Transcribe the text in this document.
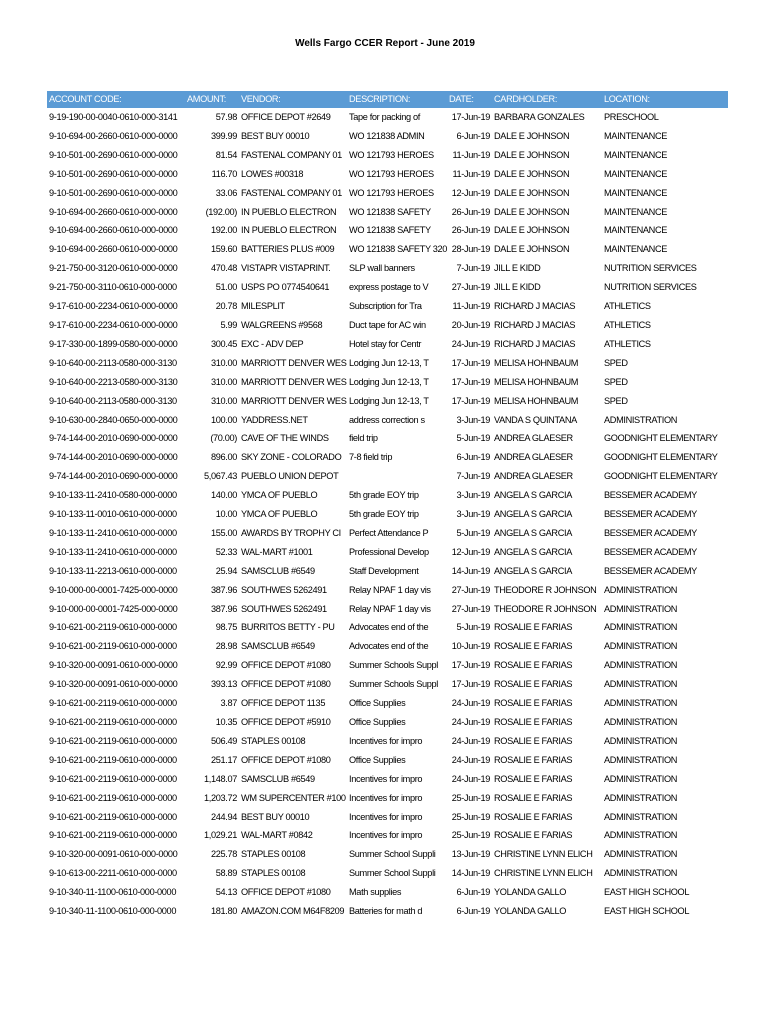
Wells Fargo CCER Report - June 2019
ACCOUNT CODE:	AMOUNT:	VENDOR:	DESCRIPTION:	DATE:	CARDHOLDER:	LOCATION:
9-19-190-00-0040-0610-000-3141	57.98	OFFICE DEPOT #2649	Tape for packing of	17-Jun-19	BARBARA GONZALES	PRESCHOOL
9-10-694-00-2660-0610-000-0000	399.99	BEST BUY 00010	WO 121838 ADMIN	6-Jun-19	DALE E JOHNSON	MAINTENANCE
9-10-501-00-2690-0610-000-0000	81.54	FASTENAL COMPANY 01	WO 121793 HEROES	11-Jun-19	DALE E JOHNSON	MAINTENANCE
9-10-501-00-2690-0610-000-0000	116.70	LOWES #00318	WO 121793 HEROES	11-Jun-19	DALE E JOHNSON	MAINTENANCE
9-10-501-00-2690-0610-000-0000	33.06	FASTENAL COMPANY 01	WO 121793 HEROES	12-Jun-19	DALE E JOHNSON	MAINTENANCE
9-10-694-00-2660-0610-000-0000	(192.00)	IN PUEBLO ELECTRON	WO 121838 SAFETY	26-Jun-19	DALE E JOHNSON	MAINTENANCE
9-10-694-00-2660-0610-000-0000	192.00	IN PUEBLO ELECTRON	WO 121838 SAFETY	26-Jun-19	DALE E JOHNSON	MAINTENANCE
9-10-694-00-2660-0610-000-0000	159.60	BATTERIES PLUS #009	WO 121838 SAFETY 320	28-Jun-19	DALE E JOHNSON	MAINTENANCE
9-21-750-00-3120-0610-000-0000	470.48	VISTAPR VISTAPRINT.	SLP wall banners	7-Jun-19	JILL E KIDD	NUTRITION SERVICES
9-21-750-00-3110-0610-000-0000	51.00	USPS PO 0774540641	express postage to V	27-Jun-19	JILL E KIDD	NUTRITION SERVICES
9-17-610-00-2234-0610-000-0000	20.78	MILESPLIT	Subscription for Tra	11-Jun-19	RICHARD J MACIAS	ATHLETICS
9-17-610-00-2234-0610-000-0000	5.99	WALGREENS #9568	Duct tape for AC win	20-Jun-19	RICHARD J MACIAS	ATHLETICS
9-17-330-00-1899-0580-000-0000	300.45	EXC - ADV DEP	Hotel stay for Centr	24-Jun-19	RICHARD J MACIAS	ATHLETICS
9-10-640-00-2113-0580-000-3130	310.00	MARRIOTT DENVER WES	Lodging Jun 12-13, T	17-Jun-19	MELISA HOHNBAUM	SPED
9-10-640-00-2213-0580-000-3130	310.00	MARRIOTT DENVER WES	Lodging Jun 12-13, T	17-Jun-19	MELISA HOHNBAUM	SPED
9-10-640-00-2113-0580-000-3130	310.00	MARRIOTT DENVER WES	Lodging Jun 12-13, T	17-Jun-19	MELISA HOHNBAUM	SPED
9-10-630-00-2840-0650-000-0000	100.00	YADDRESS.NET	address correction s	3-Jun-19	VANDA S QUINTANA	ADMINISTRATION
9-74-144-00-2010-0690-000-0000	(70.00)	CAVE OF THE WINDS	field trip	5-Jun-19	ANDREA GLAESER	GOODNIGHT ELEMENTARY
9-74-144-00-2010-0690-000-0000	896.00	SKY ZONE - COLORADO	7-8 field trip	6-Jun-19	ANDREA GLAESER	GOODNIGHT ELEMENTARY
9-74-144-00-2010-0690-000-0000	5,067.43	PUEBLO UNION DEPOT		7-Jun-19	ANDREA GLAESER	GOODNIGHT ELEMENTARY
9-10-133-11-2410-0580-000-0000	140.00	YMCA OF PUEBLO	5th grade EOY trip	3-Jun-19	ANGELA S GARCIA	BESSEMER ACADEMY
9-10-133-11-0010-0610-000-0000	10.00	YMCA OF PUEBLO	5th grade EOY trip	3-Jun-19	ANGELA S GARCIA	BESSEMER ACADEMY
9-10-133-11-2410-0610-000-0000	155.00	AWARDS BY TROPHY CI	Perfect Attendance P	5-Jun-19	ANGELA S GARCIA	BESSEMER ACADEMY
9-10-133-11-2410-0610-000-0000	52.33	WAL-MART #1001	Professional Develop	12-Jun-19	ANGELA S GARCIA	BESSEMER ACADEMY
9-10-133-11-2213-0610-000-0000	25.94	SAMSCLUB #6549	Staff Development	14-Jun-19	ANGELA S GARCIA	BESSEMER ACADEMY
9-10-000-00-0001-7425-000-0000	387.96	SOUTHWES 5262491	Relay NPAF 1 day vis	27-Jun-19	THEODORE R JOHNSON	ADMINISTRATION
9-10-000-00-0001-7425-000-0000	387.96	SOUTHWES 5262491	Relay NPAF 1 day vis	27-Jun-19	THEODORE R JOHNSON	ADMINISTRATION
9-10-621-00-2119-0610-000-0000	98.75	BURRITOS BETTY - PU	Advocates end of the	5-Jun-19	ROSALIE E FARIAS	ADMINISTRATION
9-10-621-00-2119-0610-000-0000	28.98	SAMSCLUB #6549	Advocates end of the	10-Jun-19	ROSALIE E FARIAS	ADMINISTRATION
9-10-320-00-0091-0610-000-0000	92.99	OFFICE DEPOT #1080	Summer Schools Suppl	17-Jun-19	ROSALIE E FARIAS	ADMINISTRATION
9-10-320-00-0091-0610-000-0000	393.13	OFFICE DEPOT #1080	Summer Schools Suppl	17-Jun-19	ROSALIE E FARIAS	ADMINISTRATION
9-10-621-00-2119-0610-000-0000	3.87	OFFICE DEPOT 1135	Office Supplies	24-Jun-19	ROSALIE E FARIAS	ADMINISTRATION
9-10-621-00-2119-0610-000-0000	10.35	OFFICE DEPOT #5910	Office Supplies	24-Jun-19	ROSALIE E FARIAS	ADMINISTRATION
9-10-621-00-2119-0610-000-0000	506.49	STAPLES 00108	Incentives for impro	24-Jun-19	ROSALIE E FARIAS	ADMINISTRATION
9-10-621-00-2119-0610-000-0000	251.17	OFFICE DEPOT #1080	Office Supplies	24-Jun-19	ROSALIE E FARIAS	ADMINISTRATION
9-10-621-00-2119-0610-000-0000	1,148.07	SAMSCLUB #6549	Incentives for impro	24-Jun-19	ROSALIE E FARIAS	ADMINISTRATION
9-10-621-00-2119-0610-000-0000	1,203.72	WM SUPERCENTER #100	Incentives for impro	25-Jun-19	ROSALIE E FARIAS	ADMINISTRATION
9-10-621-00-2119-0610-000-0000	244.94	BEST BUY 00010	Incentives for impro	25-Jun-19	ROSALIE E FARIAS	ADMINISTRATION
9-10-621-00-2119-0610-000-0000	1,029.21	WAL-MART #0842	Incentives for impro	25-Jun-19	ROSALIE E FARIAS	ADMINISTRATION
9-10-320-00-0091-0610-000-0000	225.78	STAPLES 00108	Summer School Suppli	13-Jun-19	CHRISTINE LYNN ELICH	ADMINISTRATION
9-10-613-00-2211-0610-000-0000	58.89	STAPLES 00108	Summer School Suppli	14-Jun-19	CHRISTINE LYNN ELICH	ADMINISTRATION
9-10-340-11-1100-0610-000-0000	54.13	OFFICE DEPOT #1080	Math supplies	6-Jun-19	YOLANDA GALLO	EAST HIGH SCHOOL
9-10-340-11-1100-0610-000-0000	181.80	AMAZON.COM M64F8209	Batteries for math d	6-Jun-19	YOLANDA GALLO	EAST HIGH SCHOOL
